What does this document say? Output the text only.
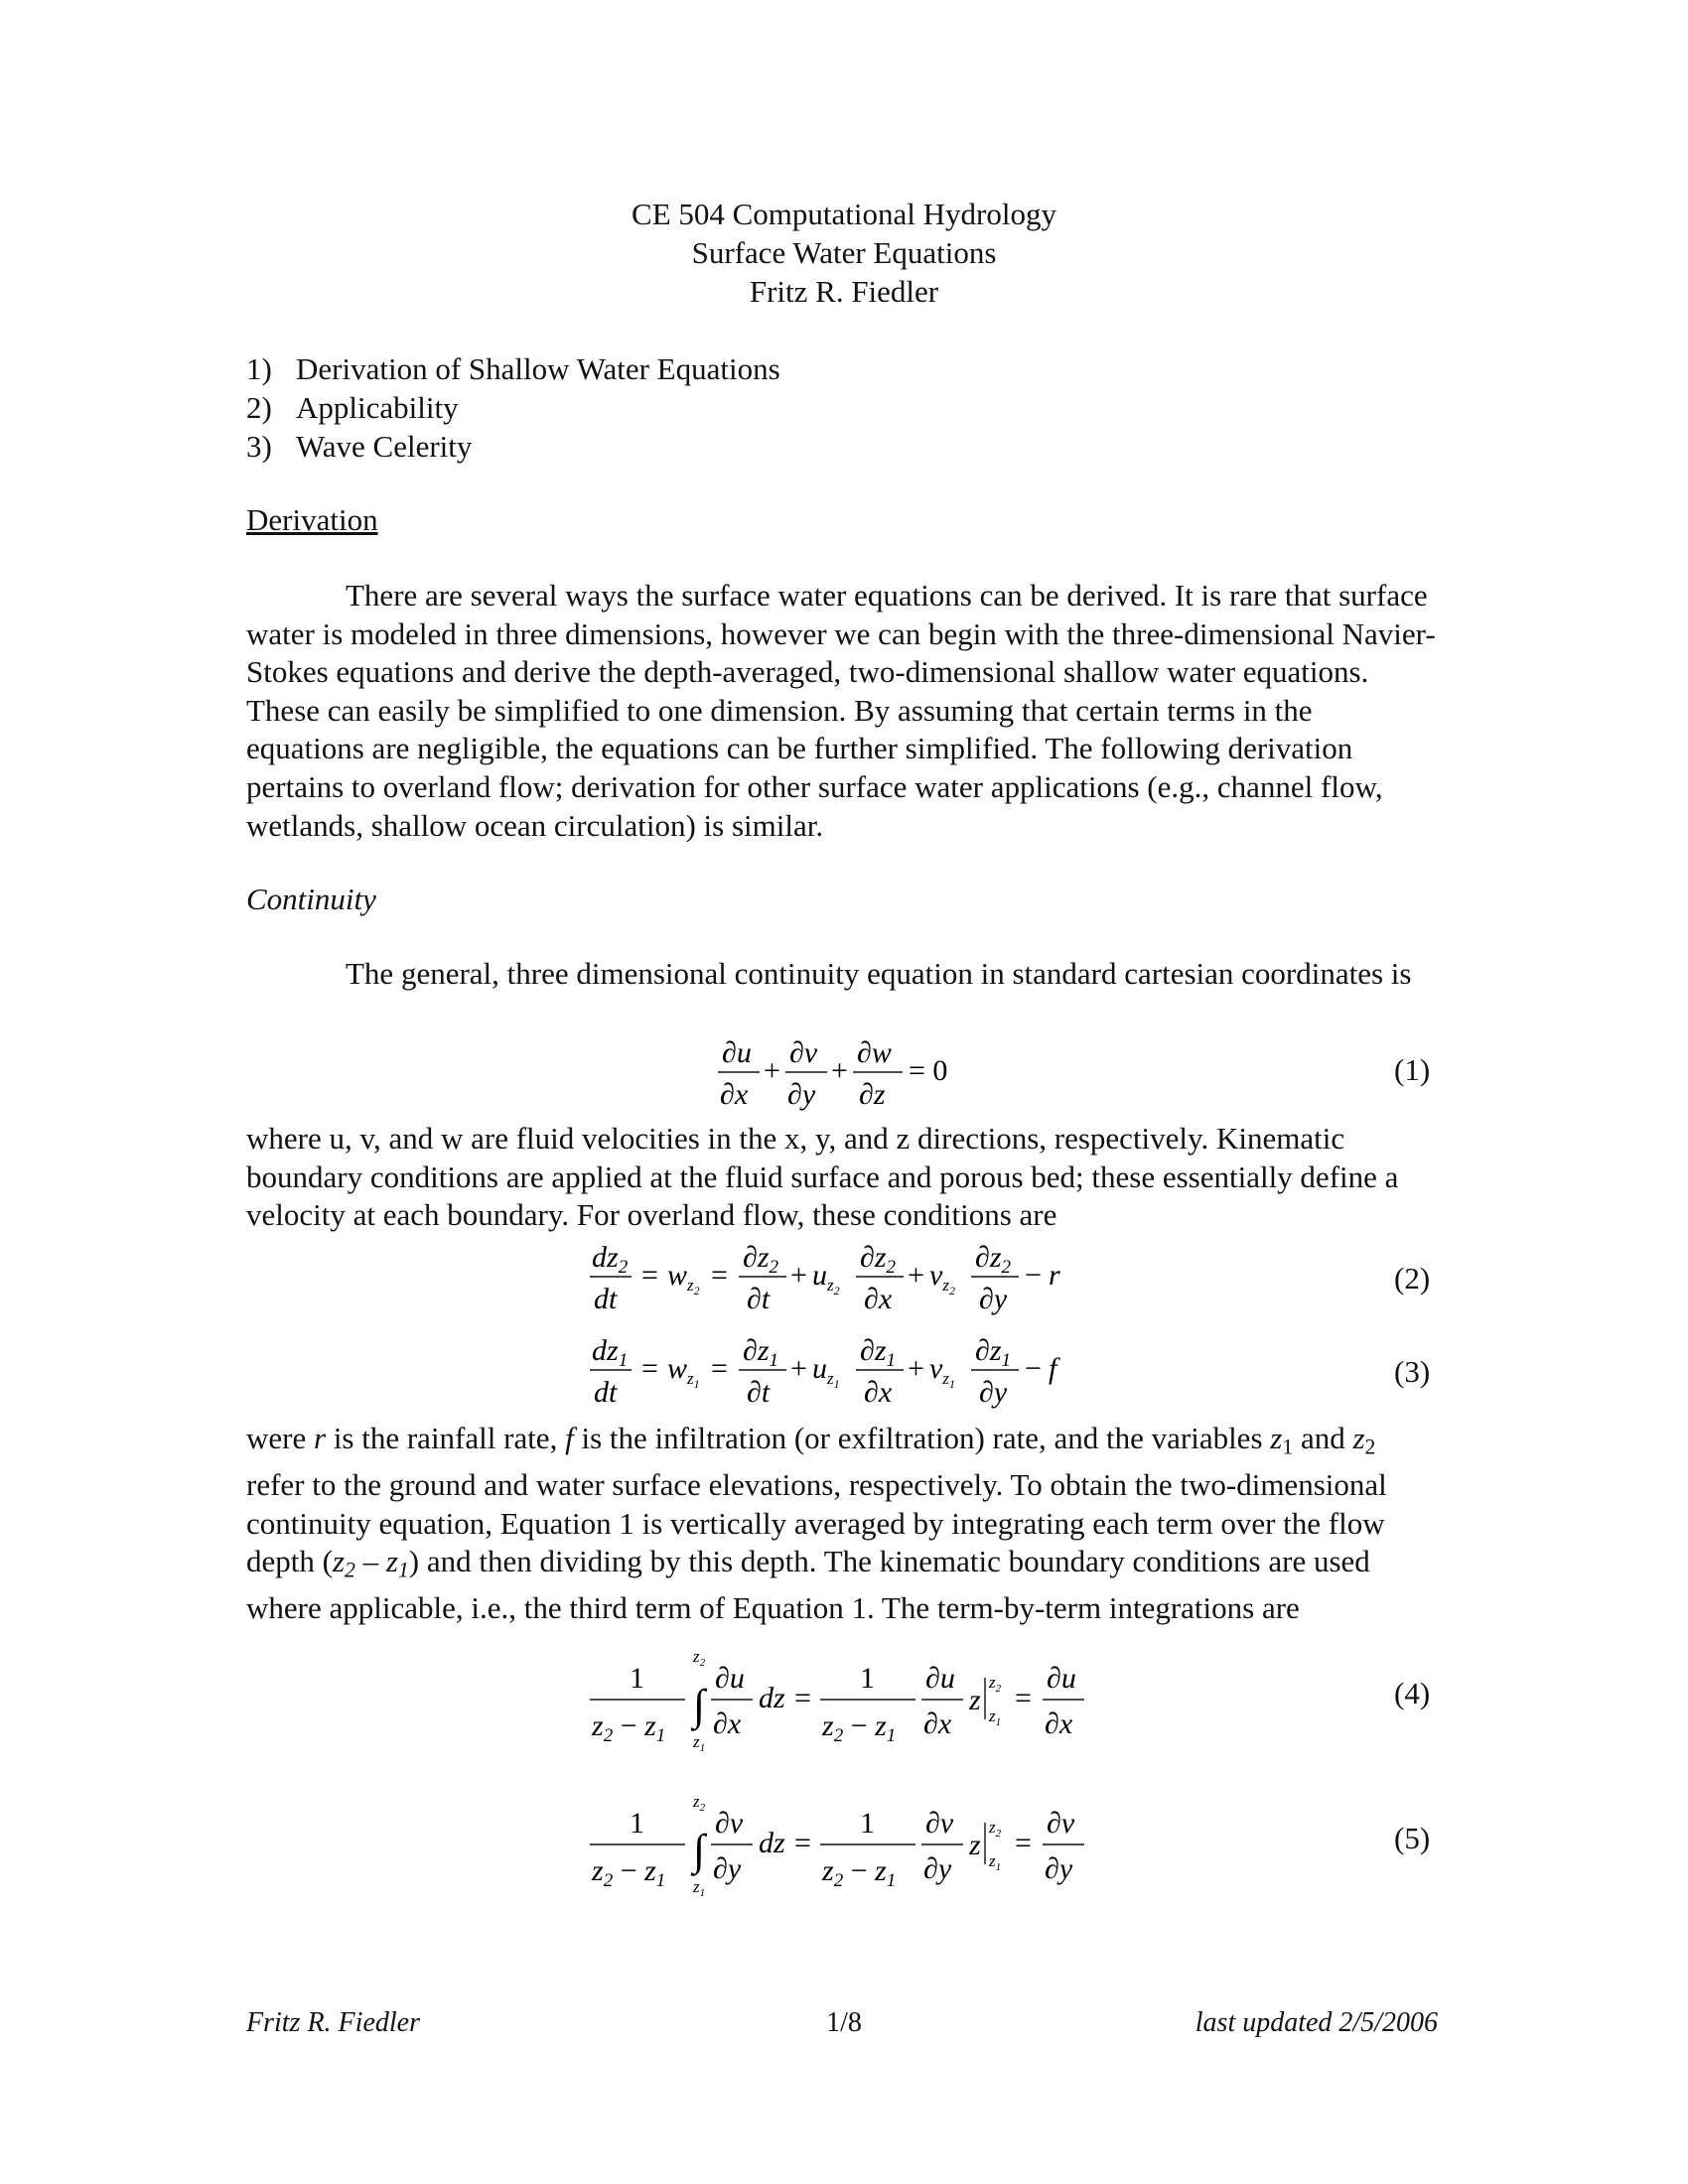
CE 504 Computational Hydrology
Surface Water Equations
Fritz R. Fiedler
1) Derivation of Shallow Water Equations
2) Applicability
3) Wave Celerity
Derivation

There are several ways the surface water equations can be derived. It is rare that surface water is modeled in three dimensions, however we can begin with the three-dimensional Navier-Stokes equations and derive the depth-averaged, two-dimensional shallow water equations. These can easily be simplified to one dimension. By assuming that certain terms in the equations are negligible, the equations can be further simplified. The following derivation pertains to overland flow; derivation for other surface water applications (e.g., channel flow, wetlands, shallow ocean circulation) is similar.

Continuity

The general, three dimensional continuity equation in standard cartesian coordinates is

∂u
∂x
+
∂v
∂y
+
∂w
∂z
= 0	(1)

where u, v, and w are fluid velocities in the x, y, and z directions, respectively. Kinematic boundary conditions are applied at the fluid surface and porous bed; these essentially define a velocity at each boundary. For overland flow, these conditions are

$dz_2$
dt
= $w_z2$ =
$\partial z_2$
∂t
+ $u_z2$
$\partial z_2$
∂x
+ $v_z2$
$\partial z_2$
∂y
− r	(2)
$dz_1$
dt
= $w_z1$ =
$\partial z_1$
∂t
+ $u_z1$
$\partial z_1$
∂x
+ $v_z1$
$\partial z_1$
∂y
− f	(3)

were r is the rainfall rate, f is the infiltration (or exfiltration) rate, and the variables $z_1$ and $z_2$ refer to the ground and water surface elevations, respectively. To obtain the two-dimensional continuity equation, Equation 1 is vertically averaged by integrating each term over the flow depth $(z_2 - z_1)$ and then dividing by this depth. The kinematic boundary conditions are used where applicable, i.e., the third term of Equation 1. The term-by-term integrations are

1
$z_2 - z_1$
$z_2$
∫
$z_1$
∂u
∂x
dz =
1
$z_2 - z_1$
∂u
∂x
z
$z_2$
$z_1$
=
∂u
∂x
(4)
1
$z_2 - z_1$
$z_2$
∫
$z_1$
∂v
∂y
dz =
1
$z_2 - z_1$
∂v
∂y
z
$z_2$
$z_1$
=
∂v
∂y
(5)
Fritz R. Fiedler	1/8	last updated 2/5/2006
